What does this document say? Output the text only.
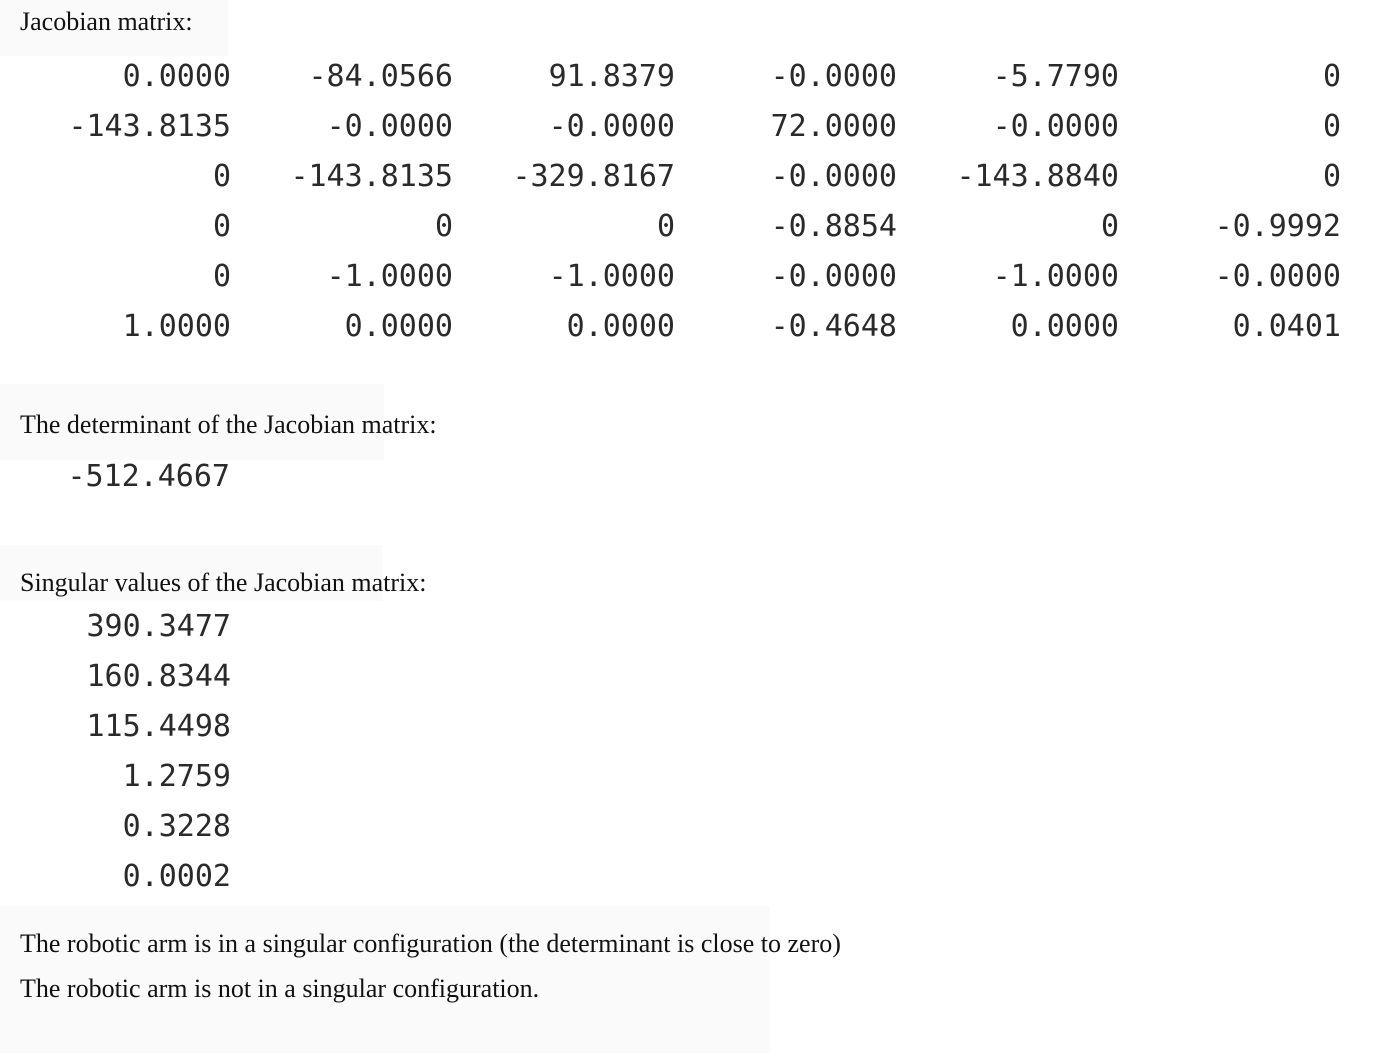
Jacobian matrix:
The determinant of the Jacobian matrix:
Singular values of the Jacobian matrix:
0.0000	-84.0566	91.8379	-0.0000	-5.7790	0
-143.8135	-0.0000	-0.0000	72.0000	-0.0000	0
0	-143.8135	-329.8167	-0.0000	-143.8840	0
0	0	0	-0.8854	0	-0.9992
0	-1.0000	-1.0000	-0.0000	-1.0000	-0.0000
1.0000	0.0000	0.0000	-0.4648	0.0000	0.0401
-512.4667
390.3477
160.8344
115.4498
1.2759
0.3228
0.0002
The robotic arm is in a singular configuration (the determinant is close to zero)
The robotic arm is not in a singular configuration.
